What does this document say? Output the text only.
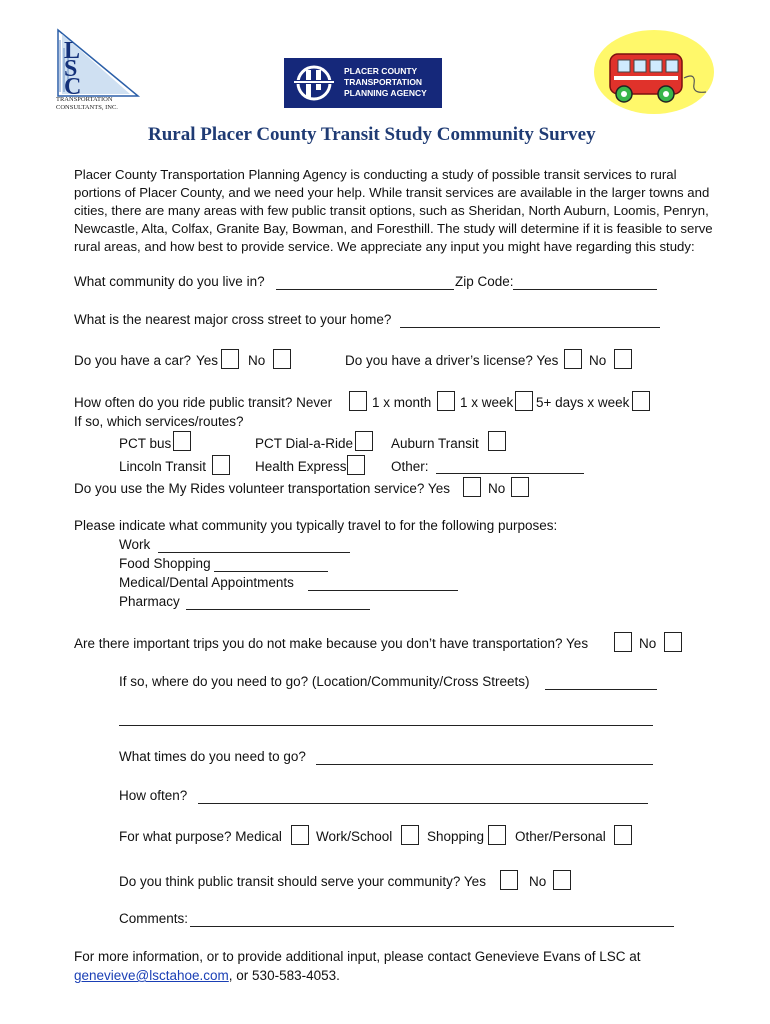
LSC
TRANSPORTATION
CONSULTANTS, INC.
PLACER COUNTY
TRANSPORTATION
PLANNING AGENCY
Rural Placer County Transit Study Community Survey
Placer County Transportation Planning Agency is conducting a study of possible transit services to rural portions of Placer County, and we need your help. While transit services are available in the larger towns and cities, there are many areas with few public transit options, such as Sheridan, North Auburn, Loomis, Penryn, Newcastle, Alta, Colfax, Granite Bay, Bowman, and Foresthill. The study will determine if it is feasible to serve rural areas, and how best to provide service. We appreciate any input you might have regarding this study:
What community do you live in?	Zip Code:
What is the nearest major cross street to your home?
Do you have a car? Yes No	Do you have a driver’s license? Yes No
How often do you ride public transit? Never	1 x month 1 x week 5+ days x week
If so, which services/routes?
PCT bus	PCT Dial-a-Ride	Auburn Transit
Lincoln Transit	Health Express	Other:
Do you use the My Rides volunteer transportation service? Yes	No
Please indicate what community you typically travel to for the following purposes:
Work
Food Shopping
Medical/Dental Appointments
Pharmacy
Are there important trips you do not make because you don’t have transportation? Yes	No
If so, where do you need to go? (Location/Community/Cross Streets)
What times do you need to go?
How often?
For what purpose? Medical	Work/School	Shopping Other/Personal
Do you think public transit should serve your community? Yes	No
Comments:
For more information, or to provide additional input, please contact Genevieve Evans of LSC at
genevieve@lsctahoe.com, or 530-583-4053.
